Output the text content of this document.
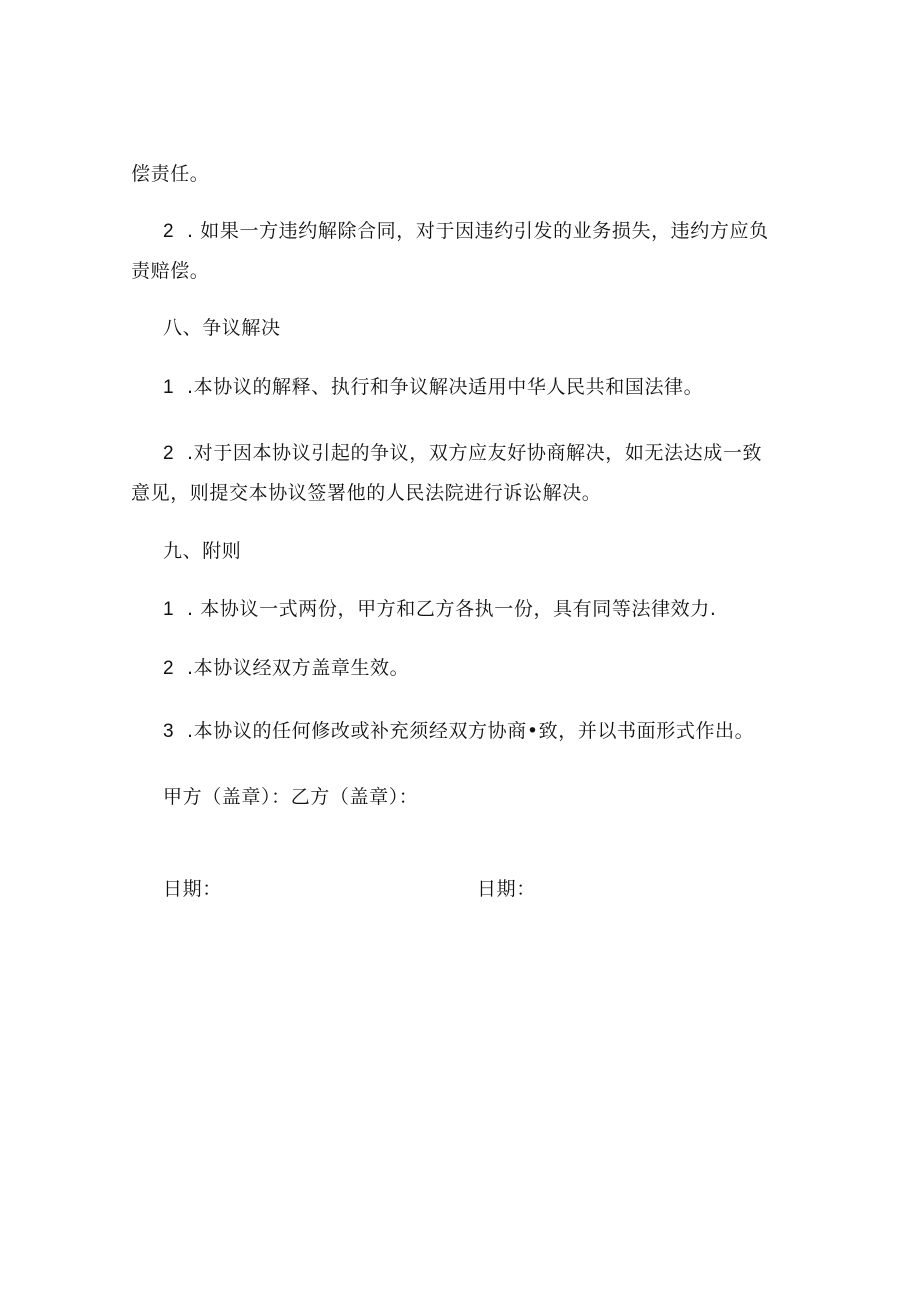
偿责任。

2 . 如果一方违约解除合同，对于因违约引发的业务损失，违约方应负

责赔偿。

八、争议解决

1 .本协议的解释、执行和争议解决适用中华人民共和国法律。

2 .对于因本协议引起的争议，双方应友好协商解决，如无法达成一致

意见，则提交本协议签署他的人民法院进行诉讼解决。

九、附则

1 . 本协议一式两份，甲方和乙方各执一份，具有同等法律效力.

2 .本协议经双方盖章生效。

3 .本协议的任何修改或补充须经双方协商•致，并以书面形式作出。

甲方（盖章）：乙方（盖章）：

日期：	日期：
